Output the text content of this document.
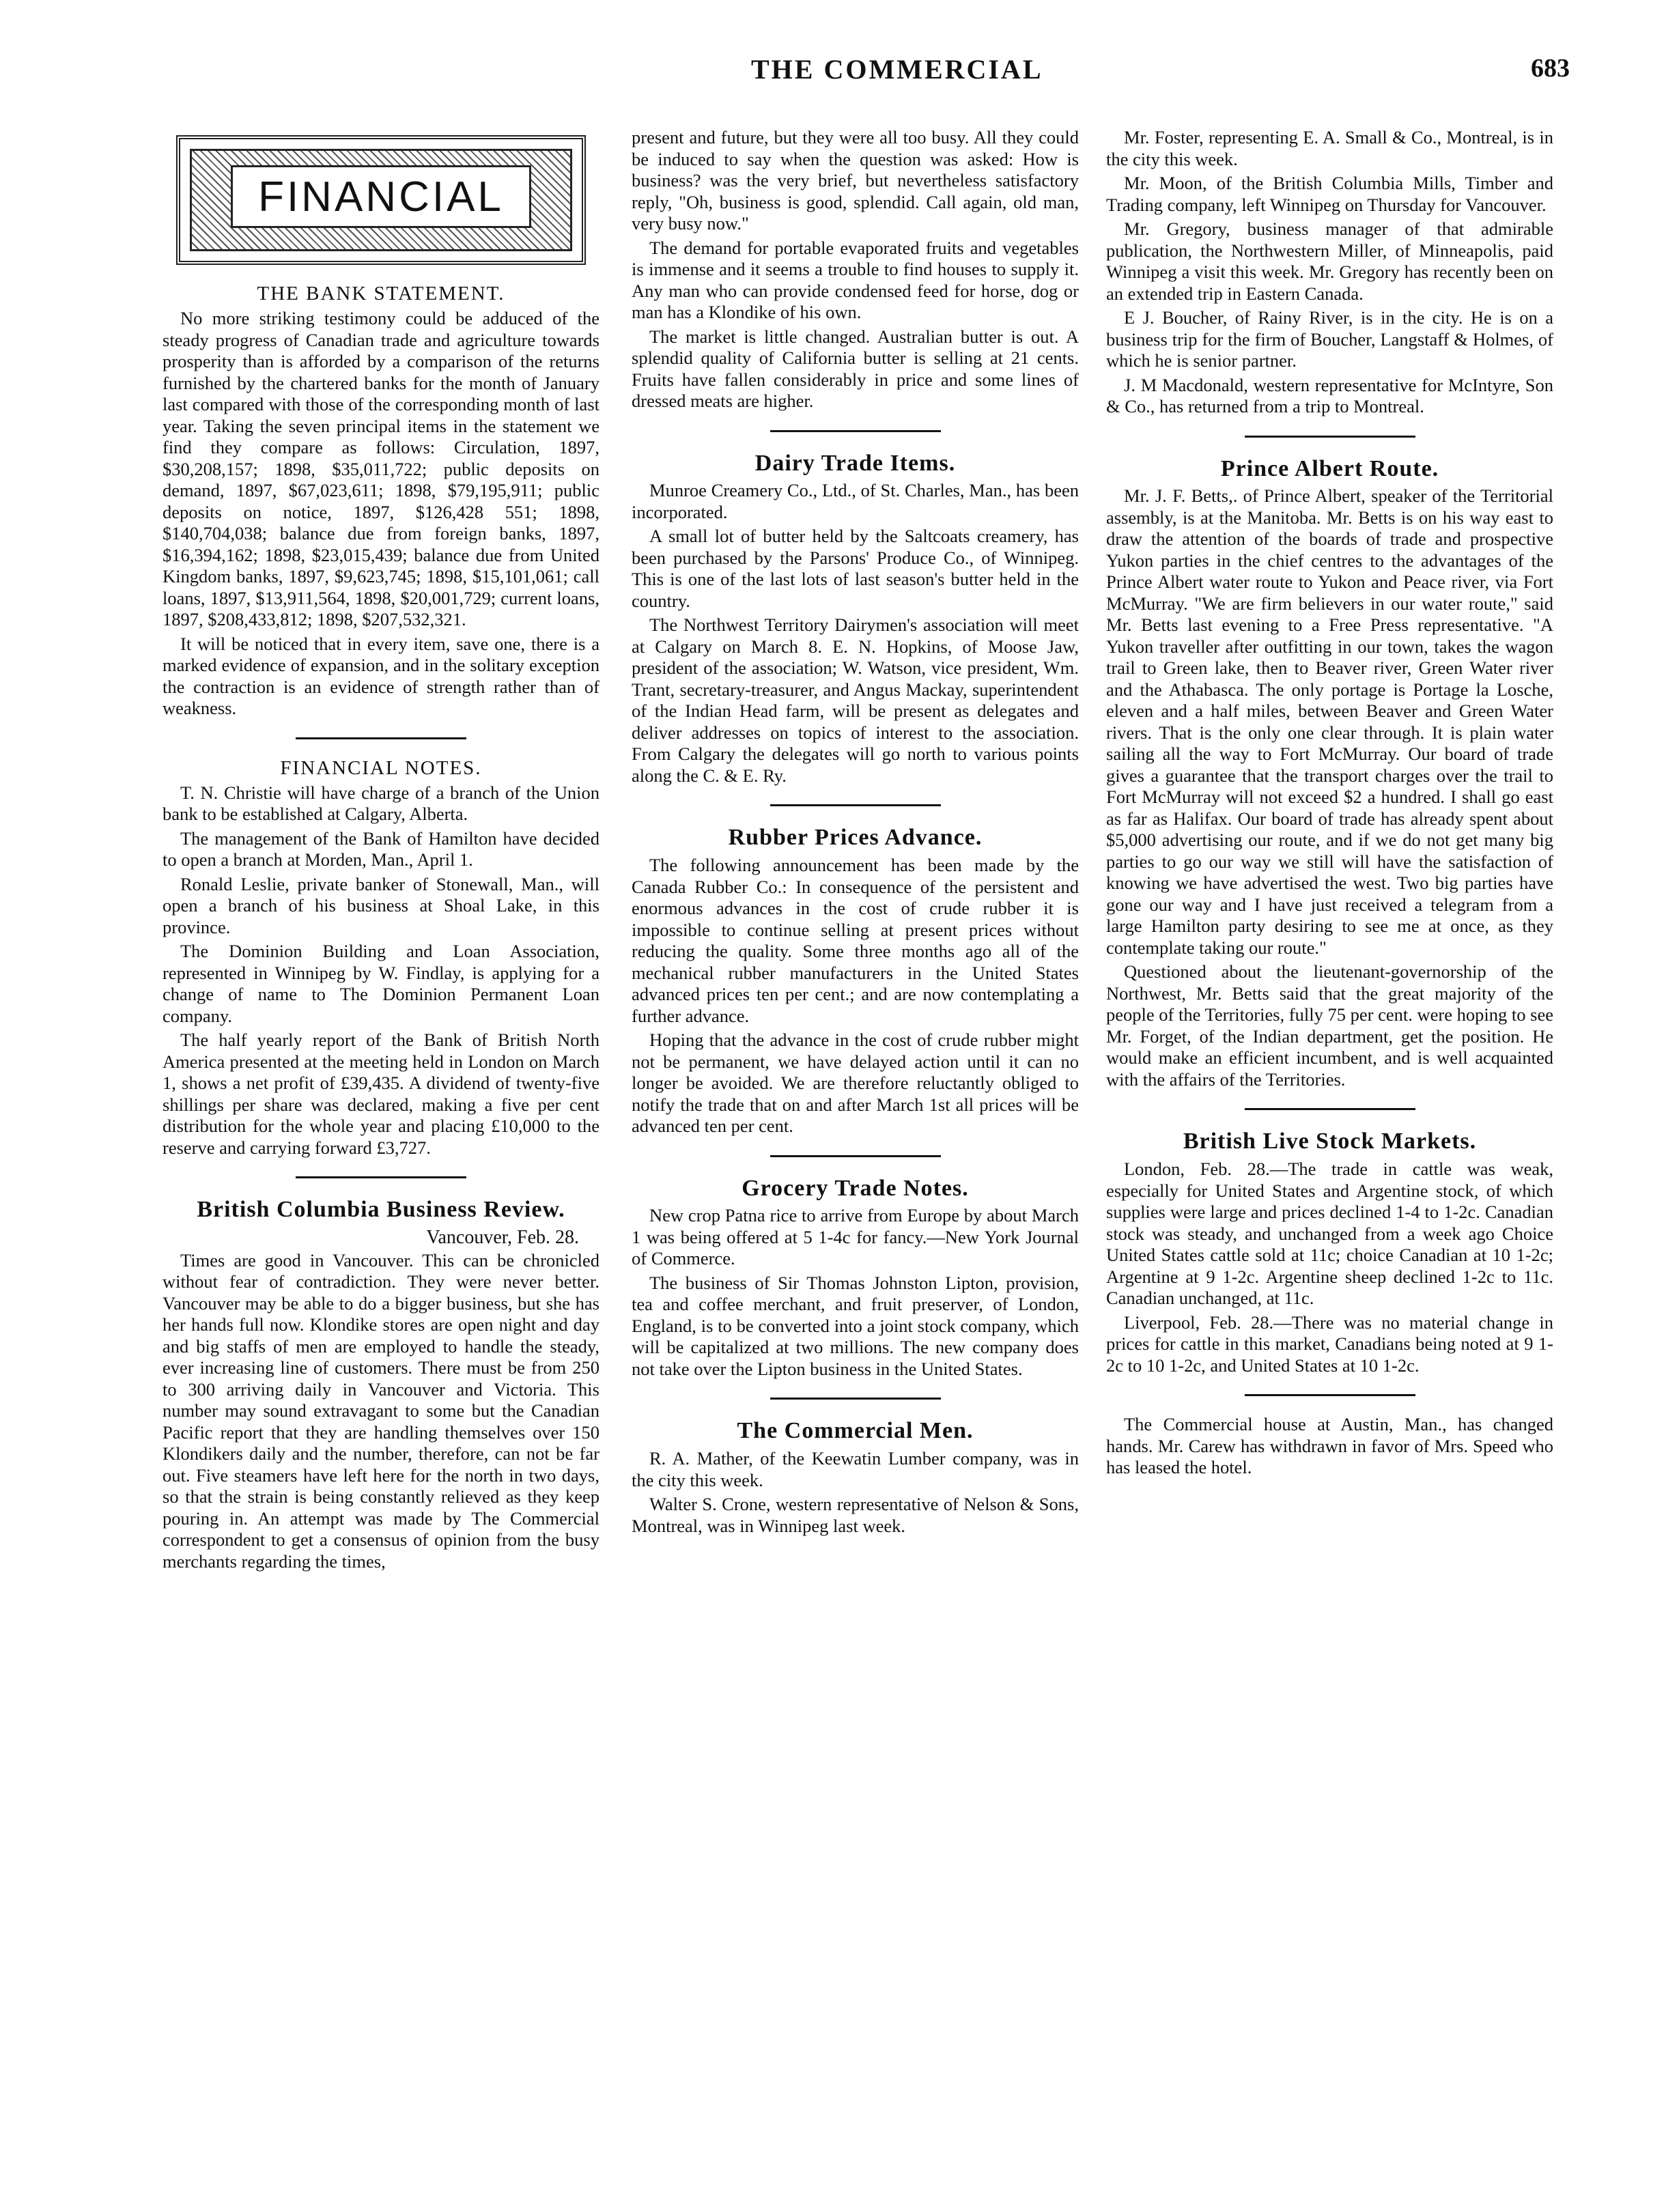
THE COMMERCIAL	683
FINANCIAL
THE BANK STATEMENT.

No more striking testimony could be adduced of the steady progress of Canadian trade and agriculture towards prosperity than is afforded by a comparison of the returns furnished by the chartered banks for the month of January last compared with those of the corresponding month of last year. Taking the seven principal items in the statement we find they compare as follows: Circulation, 1897, $30,208,157; 1898, $35,011,722; public deposits on demand, 1897, $67,023,611; 1898, $79,195,911; public deposits on notice, 1897, $126,428 551; 1898, $140,704,038; balance due from foreign banks, 1897, $16,394,162; 1898, $23,015,439; balance due from United Kingdom banks, 1897, $9,623,745; 1898, $15,101,061; call loans, 1897, $13,911,564, 1898, $20,001,729; current loans, 1897, $208,433,812; 1898, $207,532,321.

It will be noticed that in every item, save one, there is a marked evidence of expansion, and in the solitary exception the contraction is an evidence of strength rather than of weakness.

FINANCIAL NOTES.

T. N. Christie will have charge of a branch of the Union bank to be established at Calgary, Alberta.

The management of the Bank of Hamilton have decided to open a branch at Morden, Man., April 1.

Ronald Leslie, private banker of Stonewall, Man., will open a branch of his business at Shoal Lake, in this province.

The Dominion Building and Loan Association, represented in Winnipeg by W. Findlay, is applying for a change of name to The Dominion Permanent Loan company.

The half yearly report of the Bank of British North America presented at the meeting held in London on March 1, shows a net profit of £39,435. A dividend of twenty-five shillings per share was declared, making a five per cent distribution for the whole year and placing £10,000 to the reserve and carrying forward £3,727.

British Columbia Business Review.
Vancouver, Feb. 28.

Times are good in Vancouver. This can be chronicled without fear of contradiction. They were never better. Vancouver may be able to do a bigger business, but she has her hands full now. Klondike stores are open night and day and big staffs of men are employed to handle the steady, ever increasing line of customers. There must be from 250 to 300 arriving daily in Vancouver and Victoria. This number may sound extravagant to some but the Canadian Pacific report that they are handling themselves over 150 Klondikers daily and the number, therefore, can not be far out. Five steamers have left here for the north in two days, so that the strain is being constantly relieved as they keep pouring in. An attempt was made by The Commercial correspondent to get a consensus of opinion from the busy merchants regarding the times,

present and future, but they were all too busy. All they could be induced to say when the question was asked: How is business? was the very brief, but nevertheless satisfactory reply, "Oh, business is good, splendid. Call again, old man, very busy now."

The demand for portable evaporated fruits and vegetables is immense and it seems a trouble to find houses to supply it. Any man who can provide condensed feed for horse, dog or man has a Klondike of his own.

The market is little changed. Australian butter is out. A splendid quality of California butter is selling at 21 cents. Fruits have fallen considerably in price and some lines of dressed meats are higher.

Dairy Trade Items.

Munroe Creamery Co., Ltd., of St. Charles, Man., has been incorporated.

A small lot of butter held by the Saltcoats creamery, has been purchased by the Parsons' Produce Co., of Winnipeg. This is one of the last lots of last season's butter held in the country.

The Northwest Territory Dairymen's association will meet at Calgary on March 8. E. N. Hopkins, of Moose Jaw, president of the association; W. Watson, vice president, Wm. Trant, secretary-treasurer, and Angus Mackay, superintendent of the Indian Head farm, will be present as delegates and deliver addresses on topics of interest to the association. From Calgary the delegates will go north to various points along the C. & E. Ry.

Rubber Prices Advance.

The following announcement has been made by the Canada Rubber Co.: In consequence of the persistent and enormous advances in the cost of crude rubber it is impossible to continue selling at present prices without reducing the quality. Some three months ago all of the mechanical rubber manufacturers in the United States advanced prices ten per cent.; and are now contemplating a further advance.

Hoping that the advance in the cost of crude rubber might not be permanent, we have delayed action until it can no longer be avoided. We are therefore reluctantly obliged to notify the trade that on and after March 1st all prices will be advanced ten per cent.

Grocery Trade Notes.

New crop Patna rice to arrive from Europe by about March 1 was being offered at 5 1-4c for fancy.—New York Journal of Commerce.

The business of Sir Thomas Johnston Lipton, provision, tea and coffee merchant, and fruit preserver, of London, England, is to be converted into a joint stock company, which will be capitalized at two millions. The new company does not take over the Lipton business in the United States.

The Commercial Men.

R. A. Mather, of the Keewatin Lumber company, was in the city this week.

Walter S. Crone, western representative of Nelson & Sons, Montreal, was in Winnipeg last week.

Mr. Foster, representing E. A. Small & Co., Montreal, is in the city this week.

Mr. Moon, of the British Columbia Mills, Timber and Trading company, left Winnipeg on Thursday for Vancouver.

Mr. Gregory, business manager of that admirable publication, the Northwestern Miller, of Minneapolis, paid Winnipeg a visit this week. Mr. Gregory has recently been on an extended trip in Eastern Canada.

E J. Boucher, of Rainy River, is in the city. He is on a business trip for the firm of Boucher, Langstaff & Holmes, of which he is senior partner.

J. M Macdonald, western representative for McIntyre, Son & Co., has returned from a trip to Montreal.

Prince Albert Route.

Mr. J. F. Betts,. of Prince Albert, speaker of the Territorial assembly, is at the Manitoba. Mr. Betts is on his way east to draw the attention of the boards of trade and prospective Yukon parties in the chief centres to the advantages of the Prince Albert water route to Yukon and Peace river, via Fort McMurray. "We are firm believers in our water route," said Mr. Betts last evening to a Free Press representative. "A Yukon traveller after outfitting in our town, takes the wagon trail to Green lake, then to Beaver river, Green Water river and the Athabasca. The only portage is Portage la Losche, eleven and a half miles, between Beaver and Green Water rivers. That is the only one clear through. It is plain water sailing all the way to Fort McMurray. Our board of trade gives a guarantee that the transport charges over the trail to Fort McMurray will not exceed $2 a hundred. I shall go east as far as Halifax. Our board of trade has already spent about $5,000 advertising our route, and if we do not get many big parties to go our way we still will have the satisfaction of knowing we have advertised the west. Two big parties have gone our way and I have just received a telegram from a large Hamilton party desiring to see me at once, as they contemplate taking our route."

Questioned about the lieutenant-governorship of the Northwest, Mr. Betts said that the great majority of the people of the Territories, fully 75 per cent. were hoping to see Mr. Forget, of the Indian department, get the position. He would make an efficient incumbent, and is well acquainted with the affairs of the Territories.

British Live Stock Markets.

London, Feb. 28.—The trade in cattle was weak, especially for United States and Argentine stock, of which supplies were large and prices declined 1-4 to 1-2c. Canadian stock was steady, and unchanged from a week ago Choice United States cattle sold at 11c; choice Canadian at 10 1-2c; Argentine at 9 1-2c. Argentine sheep declined 1-2c to 11c. Canadian unchanged, at 11c.

Liverpool, Feb. 28.—There was no material change in prices for cattle in this market, Canadians being noted at 9 1-2c to 10 1-2c, and United States at 10 1-2c.

The Commercial house at Austin, Man., has changed hands. Mr. Carew has withdrawn in favor of Mrs. Speed who has leased the hotel.
